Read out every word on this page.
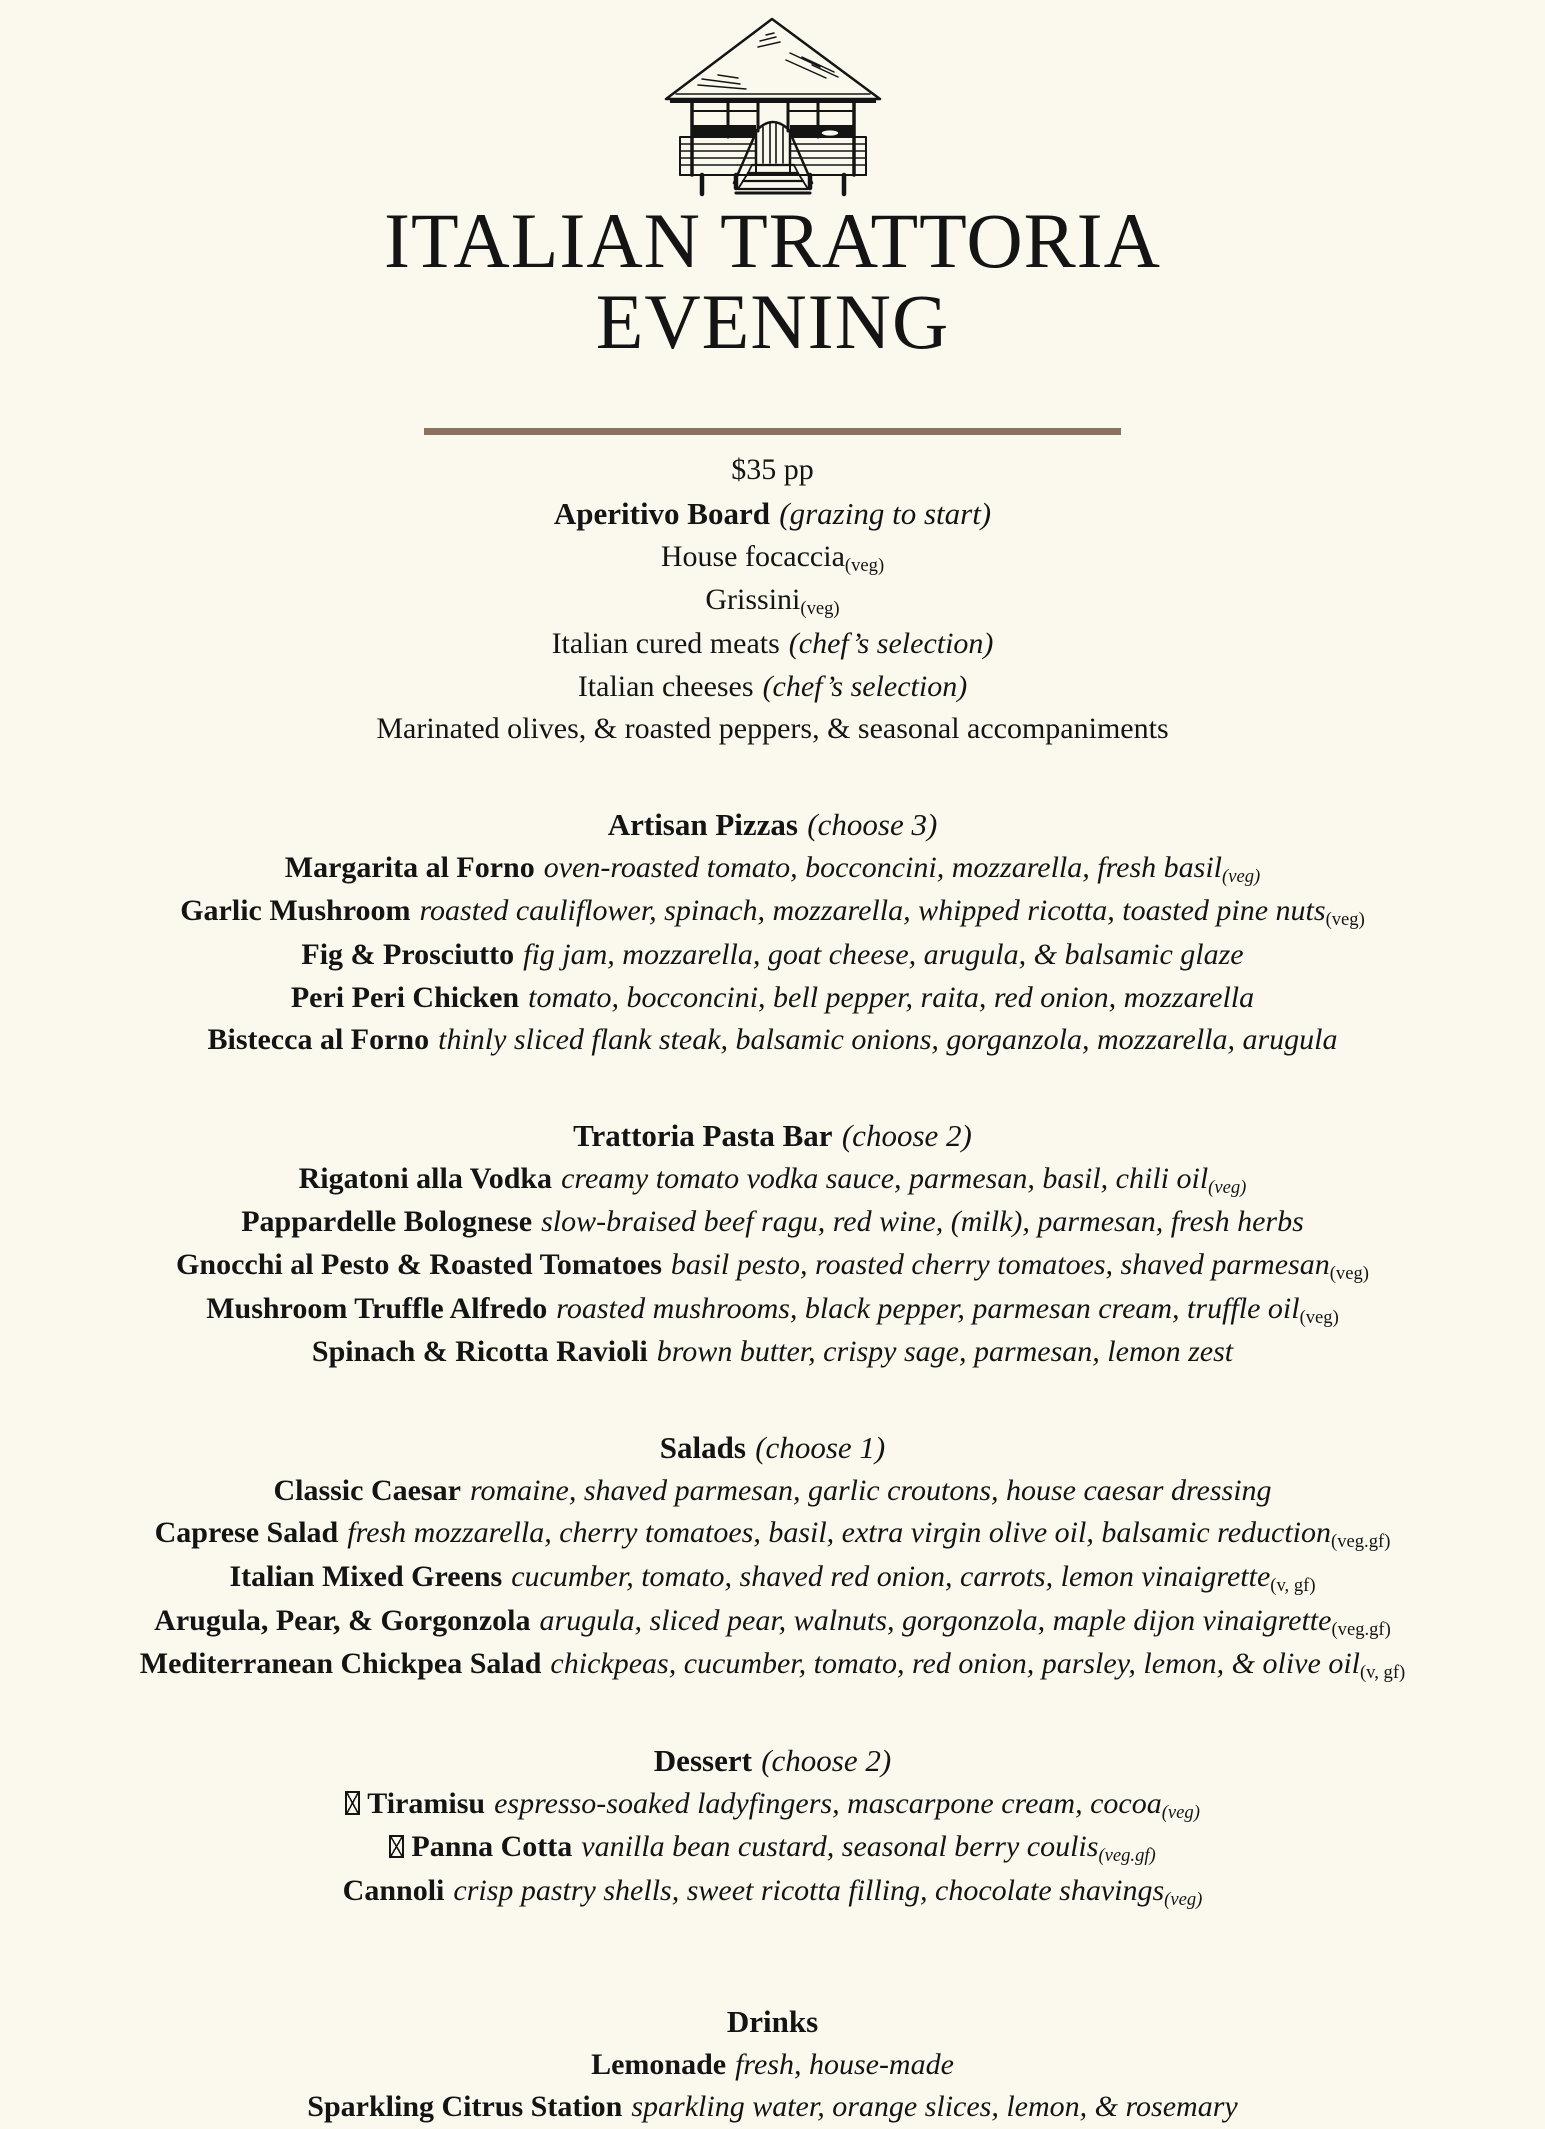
ITALIAN TRATTORIA
EVENING
$35 pp
Aperitivo Board (grazing to start)
House focaccia(veg)
Grissini(veg)
Italian cured meats (chef’s selection)
Italian cheeses (chef’s selection)
Marinated olives, & roasted peppers, & seasonal accompaniments
Artisan Pizzas (choose 3)
Margarita al Forno oven-roasted tomato, bocconcini, mozzarella, fresh basil(veg)
Garlic Mushroom roasted cauliflower, spinach, mozzarella, whipped ricotta, toasted pine nuts(veg)
Fig & Prosciutto fig jam, mozzarella, goat cheese, arugula, & balsamic glaze
Peri Peri Chicken tomato, bocconcini, bell pepper, raita, red onion, mozzarella
Bistecca al Forno thinly sliced flank steak, balsamic onions, gorganzola, mozzarella, arugula
Trattoria Pasta Bar (choose 2)
Rigatoni alla Vodka creamy tomato vodka sauce, parmesan, basil, chili oil(veg)
Pappardelle Bolognese slow-braised beef ragu, red wine, (milk), parmesan, fresh herbs
Gnocchi al Pesto & Roasted Tomatoes basil pesto, roasted cherry tomatoes, shaved parmesan(veg)
Mushroom Truffle Alfredo roasted mushrooms, black pepper, parmesan cream, truffle oil(veg)
Spinach & Ricotta Ravioli brown butter, crispy sage, parmesan, lemon zest
Salads (choose 1)
Classic Caesar romaine, shaved parmesan, garlic croutons, house caesar dressing
Caprese Salad fresh mozzarella, cherry tomatoes, basil, extra virgin olive oil, balsamic reduction(veg.gf)
Italian Mixed Greens cucumber, tomato, shaved red onion, carrots, lemon vinaigrette(v, gf)
Arugula, Pear, & Gorgonzola arugula, sliced pear, walnuts, gorgonzola, maple dijon vinaigrette(veg.gf)
Mediterranean Chickpea Salad chickpeas, cucumber, tomato, red onion, parsley, lemon, & olive oil(v, gf)
Dessert (choose 2)
Tiramisu espresso-soaked ladyfingers, mascarpone cream, cocoa(veg)
Panna Cotta vanilla bean custard, seasonal berry coulis(veg.gf)
Cannoli crisp pastry shells, sweet ricotta filling, chocolate shavings(veg)
Drinks
Lemonade fresh, house-made
Sparkling Citrus Station sparkling water, orange slices, lemon, & rosemary
